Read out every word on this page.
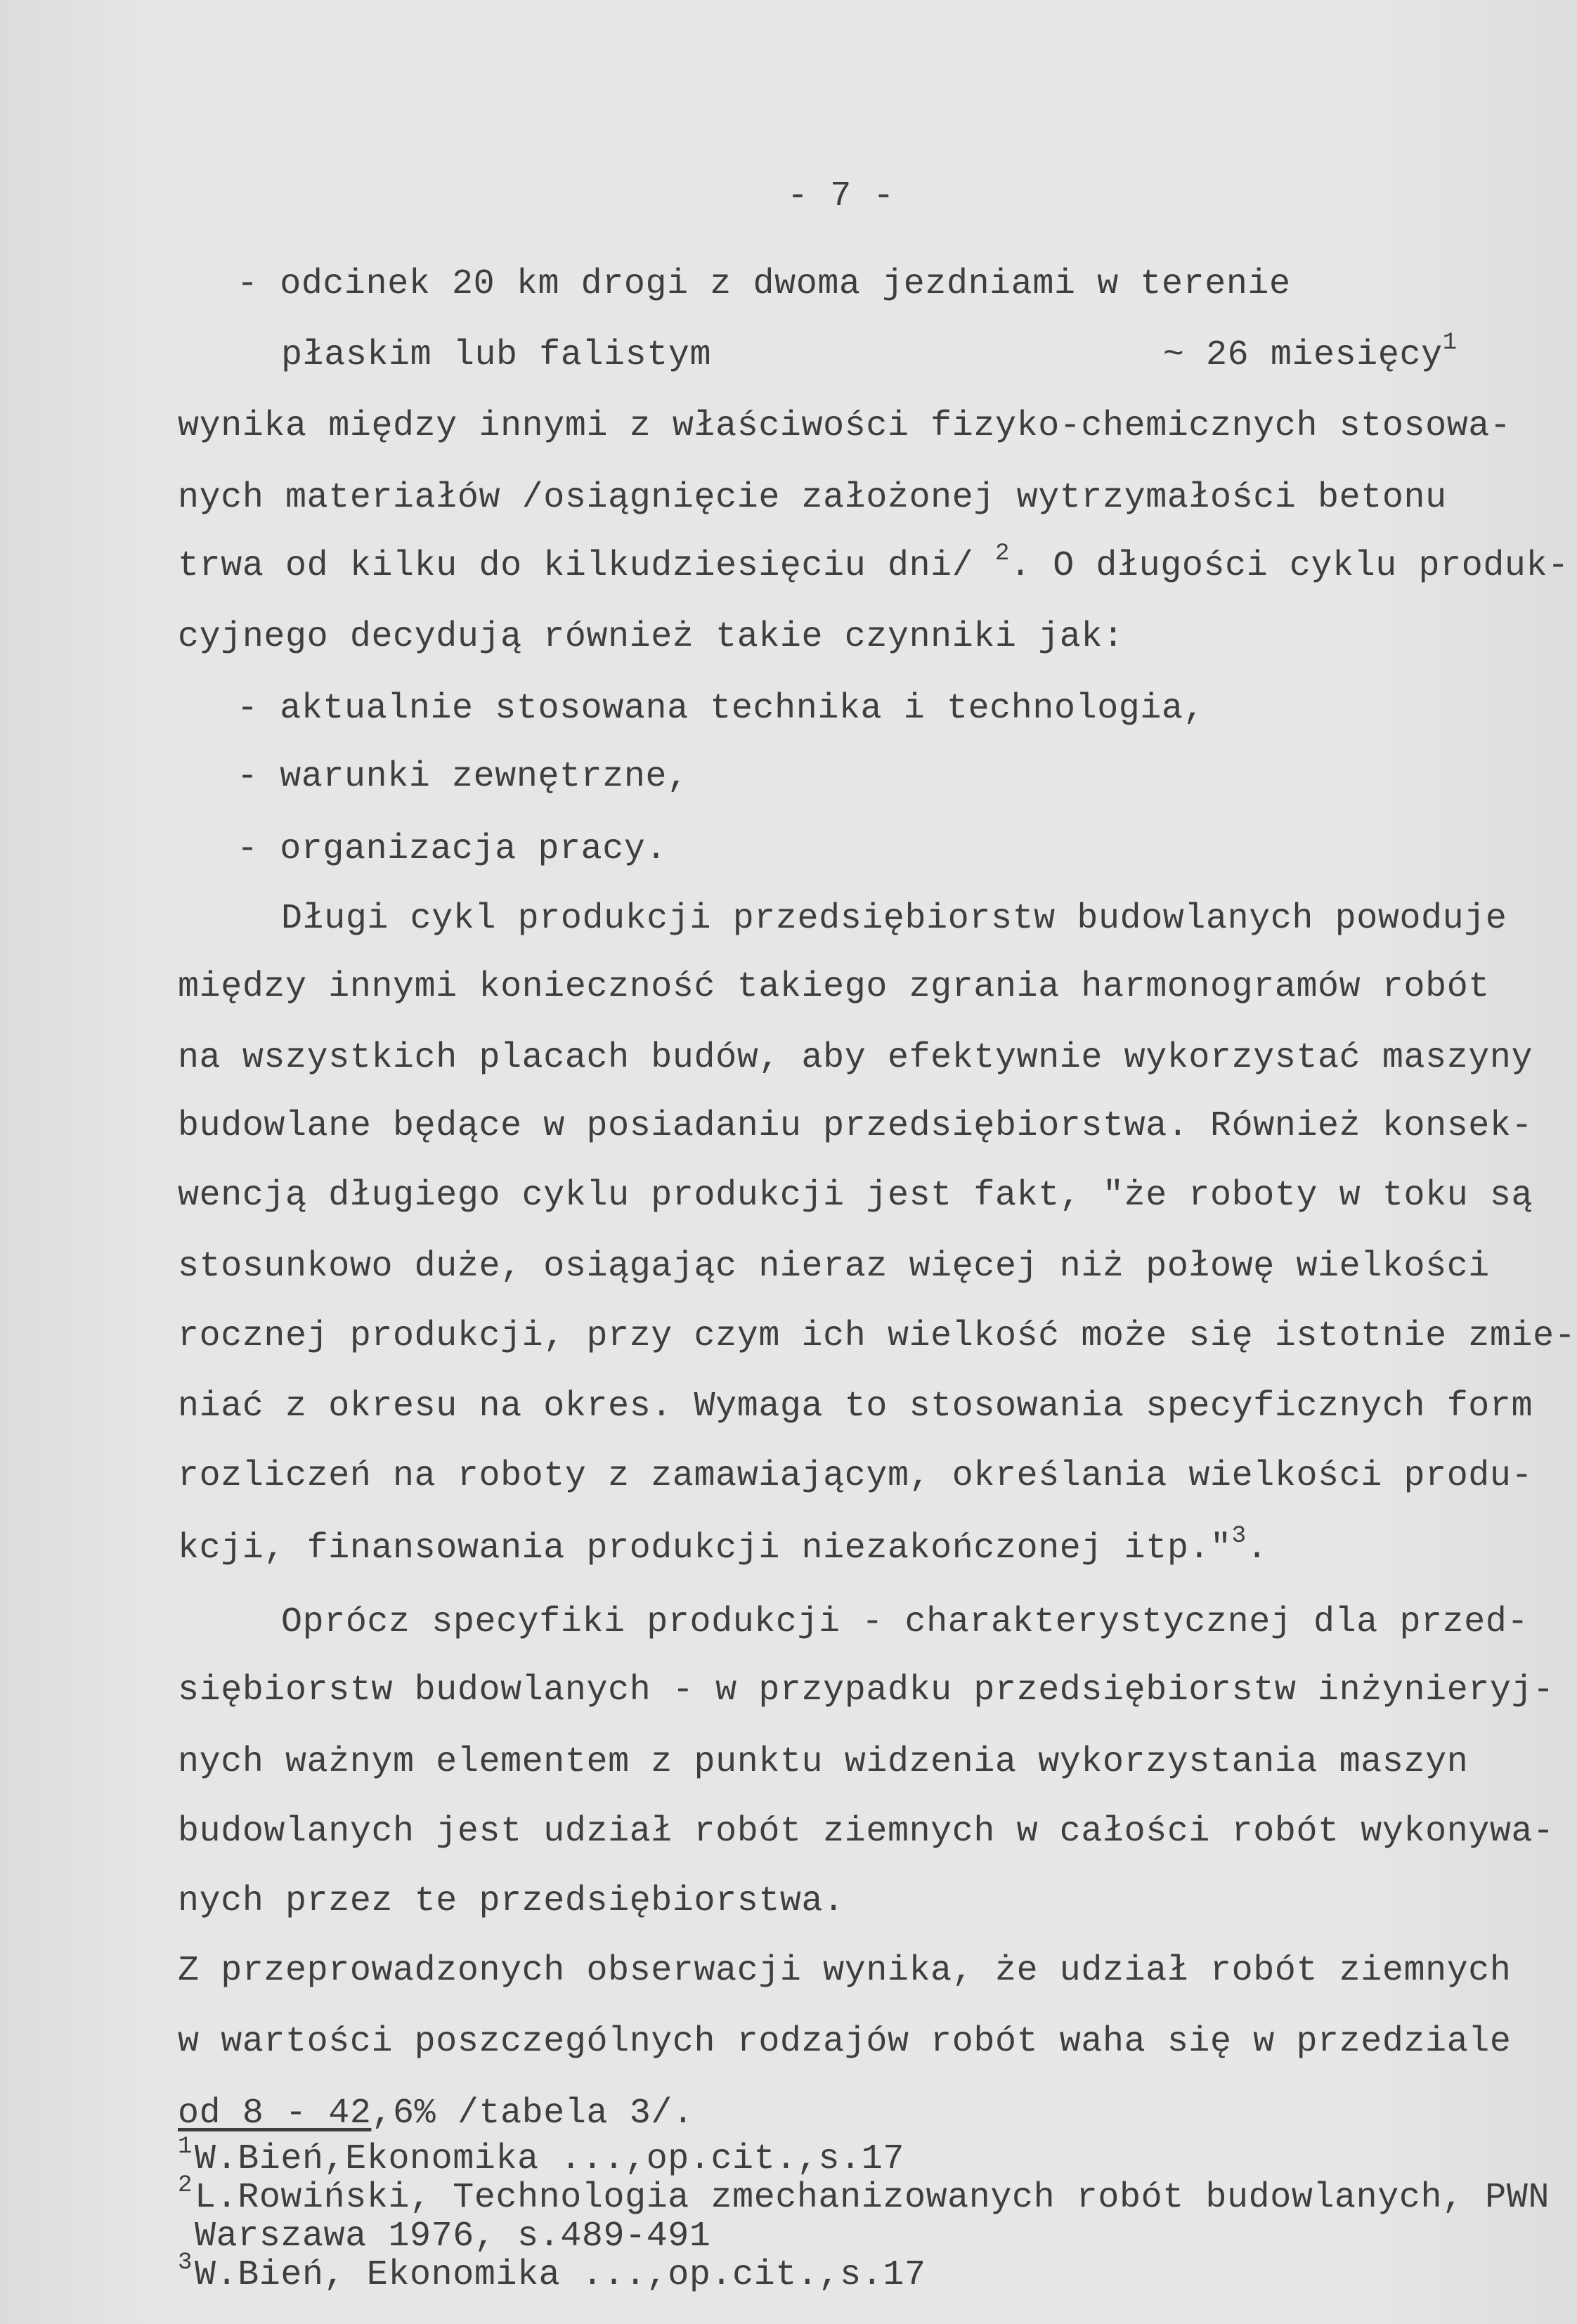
- 7 -
- odcinek 20 km drogi z dwoma jezdniami w terenie
płaskim lub falistym	~ 26 miesięcy$^1$
wynika między innymi z właściwości fizyko-chemicznych stosowa-
nych materiałów /osiągnięcie założonej wytrzymałości betonu
trwa od kilku do kilkudziesięciu dni/ $^2$. O długości cyklu produk-
cyjnego decydują również takie czynniki jak:
- aktualnie stosowana technika i technologia,
- warunki zewnętrzne,
- organizacja pracy.
Długi cykl produkcji przedsiębiorstw budowlanych powoduje
między innymi konieczność takiego zgrania harmonogramów robót
na wszystkich placach budów, aby efektywnie wykorzystać maszyny
budowlane będące w posiadaniu przedsiębiorstwa. Również konsek-
wencją długiego cyklu produkcji jest fakt, "że roboty w toku są
stosunkowo duże, osiągając nieraz więcej niż połowę wielkości
rocznej produkcji, przy czym ich wielkość może się istotnie zmie-
niać z okresu na okres. Wymaga to stosowania specyficznych form
rozliczeń na roboty z zamawiającym, określania wielkości produ-
kcji, finansowania produkcji niezakończonej itp."$^3$.
Oprócz specyfiki produkcji - charakterystycznej dla przed-
siębiorstw budowlanych - w przypadku przedsiębiorstw inżynieryj-
nych ważnym elementem z punktu widzenia wykorzystania maszyn
budowlanych jest udział robót ziemnych w całości robót wykonywa-
nych przez te przedsiębiorstwa.
Z przeprowadzonych obserwacji wynika, że udział robót ziemnych
w wartości poszczególnych rodzajów robót waha się w przedziale
od 8 - 42,6% /tabela 3/.
1W.Bień,Ekonomika ...,op.cit.,s.17
2L.Rowiński, Technologia zmechanizowanych robót budowlanych, PWN
Warszawa 1976, s.489-491
3W.Bień, Ekonomika ...,op.cit.,s.17
